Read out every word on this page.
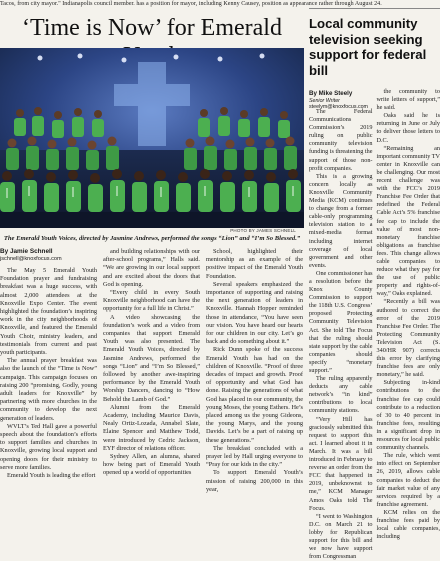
Tacos, from city mayor." Indianapolis council member. has a position for mayor, including Kenny Causey, position as appearance rather through August 24.
‘Time is Now’ for Emerald
PHOTO BY JAMES SCHNELL
The Emerald Youth Voices, directed by Jasmine Andrews, performed the songs “Lion” and “I’m So Blessed.”
By Jamie Schnell
jschnell@knoxfocus.com

The May 5 Emerald Youth Foundation prayer and fundraising breakfast was a huge success, with almost 2,000 attendees at the Knoxville Expo Center. The event highlighted the foundation’s inspiring work in the city neighborhoods of Knoxville, and featured the Emerald Youth Choir, ministry leaders, and testimonials from current and past youth participants.

The annual prayer breakfast was also the launch of the “Time is Now” campaign. This campaign focuses on raising 200 “promising, Godly, young adult leaders for Knoxville” by partnering with more churches in the community to develop the next generation of leaders.

WVLT’s Ted Hall gave a powerful speech about the foundation’s efforts to support families and churches in Knoxville, growing local support and opening doors for their ministry to serve more families.

Emerald Youth is leading the effort

and building relationships with our after-school programs,” Halls said. “We are growing in our local support and are excited about the doors that God is opening.

“Every child in every South Knoxville neighborhood can have the opportunity for a full life in Christ.”

A video showcasing the foundation’s work and a video from companies that support Emerald Youth was also presented. The Emerald Youth Voices, directed by Jasmine Andrews, performed the songs “Lion” and “I’m So Blessed,” followed by another awe-inspiring performance by the Emerald Youth Worship Dancers, dancing to “How Behold the Lamb of God.”

Alumni from the Emerald Academy, including Maurice Davis, Nealy Ortiz-Lozada, Annabel Slate, Elaine Spencer and Matthew Todd, were introduced by Cedric Jackson, EYF director of relations officer.

Sydney Allen, an alumna, shared how being part of Emerald Youth opened up a world of opportunities

School, highlighted their mentorship as an example of the positive impact of the Emerald Youth Foundation.

Several speakers emphasized the importance of supporting and raising the next generation of leaders in Knoxville. Hannah Hopper reminded those in attendance, “You have seen our vision. You have heard our hearts for our children in our city. Let’s go back and do something about it.”

Rick Dunn spoke of the success Emerald Youth has had on the children of Knoxville. “Proof of three decades of impact and growth. Proof of opportunity and what God has done. Raising the generations of what God has placed in our community, the young Moses, the young Esthers. He’s placed among us the young Gideons, the young Marys, and the young Davids. Let’s be a part of raising up these generations.”

The breakfast concluded with a prayer led by Hall urging everyone to “Pray for our kids in the city.”

To support Emerald Youth’s mission of raising 200,000 in this year,

Local community television seeking support for federal bill
By Mike Steely
Senior Writer
steelym@knoxfocus.com

The Federal Communications Commission’s 2019 ruling on public community television funding is threatening the support of those non-profit companies.

This is a growing concern locally as Knoxville Community Media (KCM) continues to change from a former cable-only programming television station to a mixed-media format including internet coverage of local government and other events.

One commissioner has a resolution before the Knox County Commission to support the 118th U.S. Congress’ proposed Protecting Community Television Act. She told The Focus that the ruling should state support by the cable companies should specify “monetary support.”

The ruling apparently deducts any cable network’s “in kind” contributions to local community stations.

“Very Hill has graciously submitted this request to support this act. I learned about it in March. It was a bill introduced in February to reverse an order from the FCC that happened in 2019, unbeknownst to me,” KCM Manager Amos Oaks told The Focus.

“I went to Washington D.C. on March 21 to lobby for Republican support for this bill and we now have support from Congressman

the community to write letters of support,” he said.

Oaks said he is returning in June or July to deliver those letters to D.C.

“Remaining an important community TV center in Knoxville can be challenging. Our most recent challenge was with the FCC’s 2019 Franchise Fee Order that redefined the Federal Cable Act’s 5% franchise fee cap to include the value of most non-monetary franchise obligations as franchise fees. This change allows cable companies to reduce what they pay for the use of public property and rights-of-way,” Oaks explained.

“Recently a bill was authored to correct the error of the 2019 Franchise Fee Order. The Protecting Community Television Act (S. 340/HR 907) corrects this error by clarifying franchise fees are only monetary,” he said.

Subjecting in-kind contributions to the franchise fee cap could contribute to a reduction of 30 to 40 percent in franchise fees, resulting in a significant drop in resources for local public community channels.

The rule, which went into effect on September 26, 2019, allows cable companies to deduct the fair market value of any services required by a franchise agreement.

KCM relies on the franchise fees paid by local cable companies, including
